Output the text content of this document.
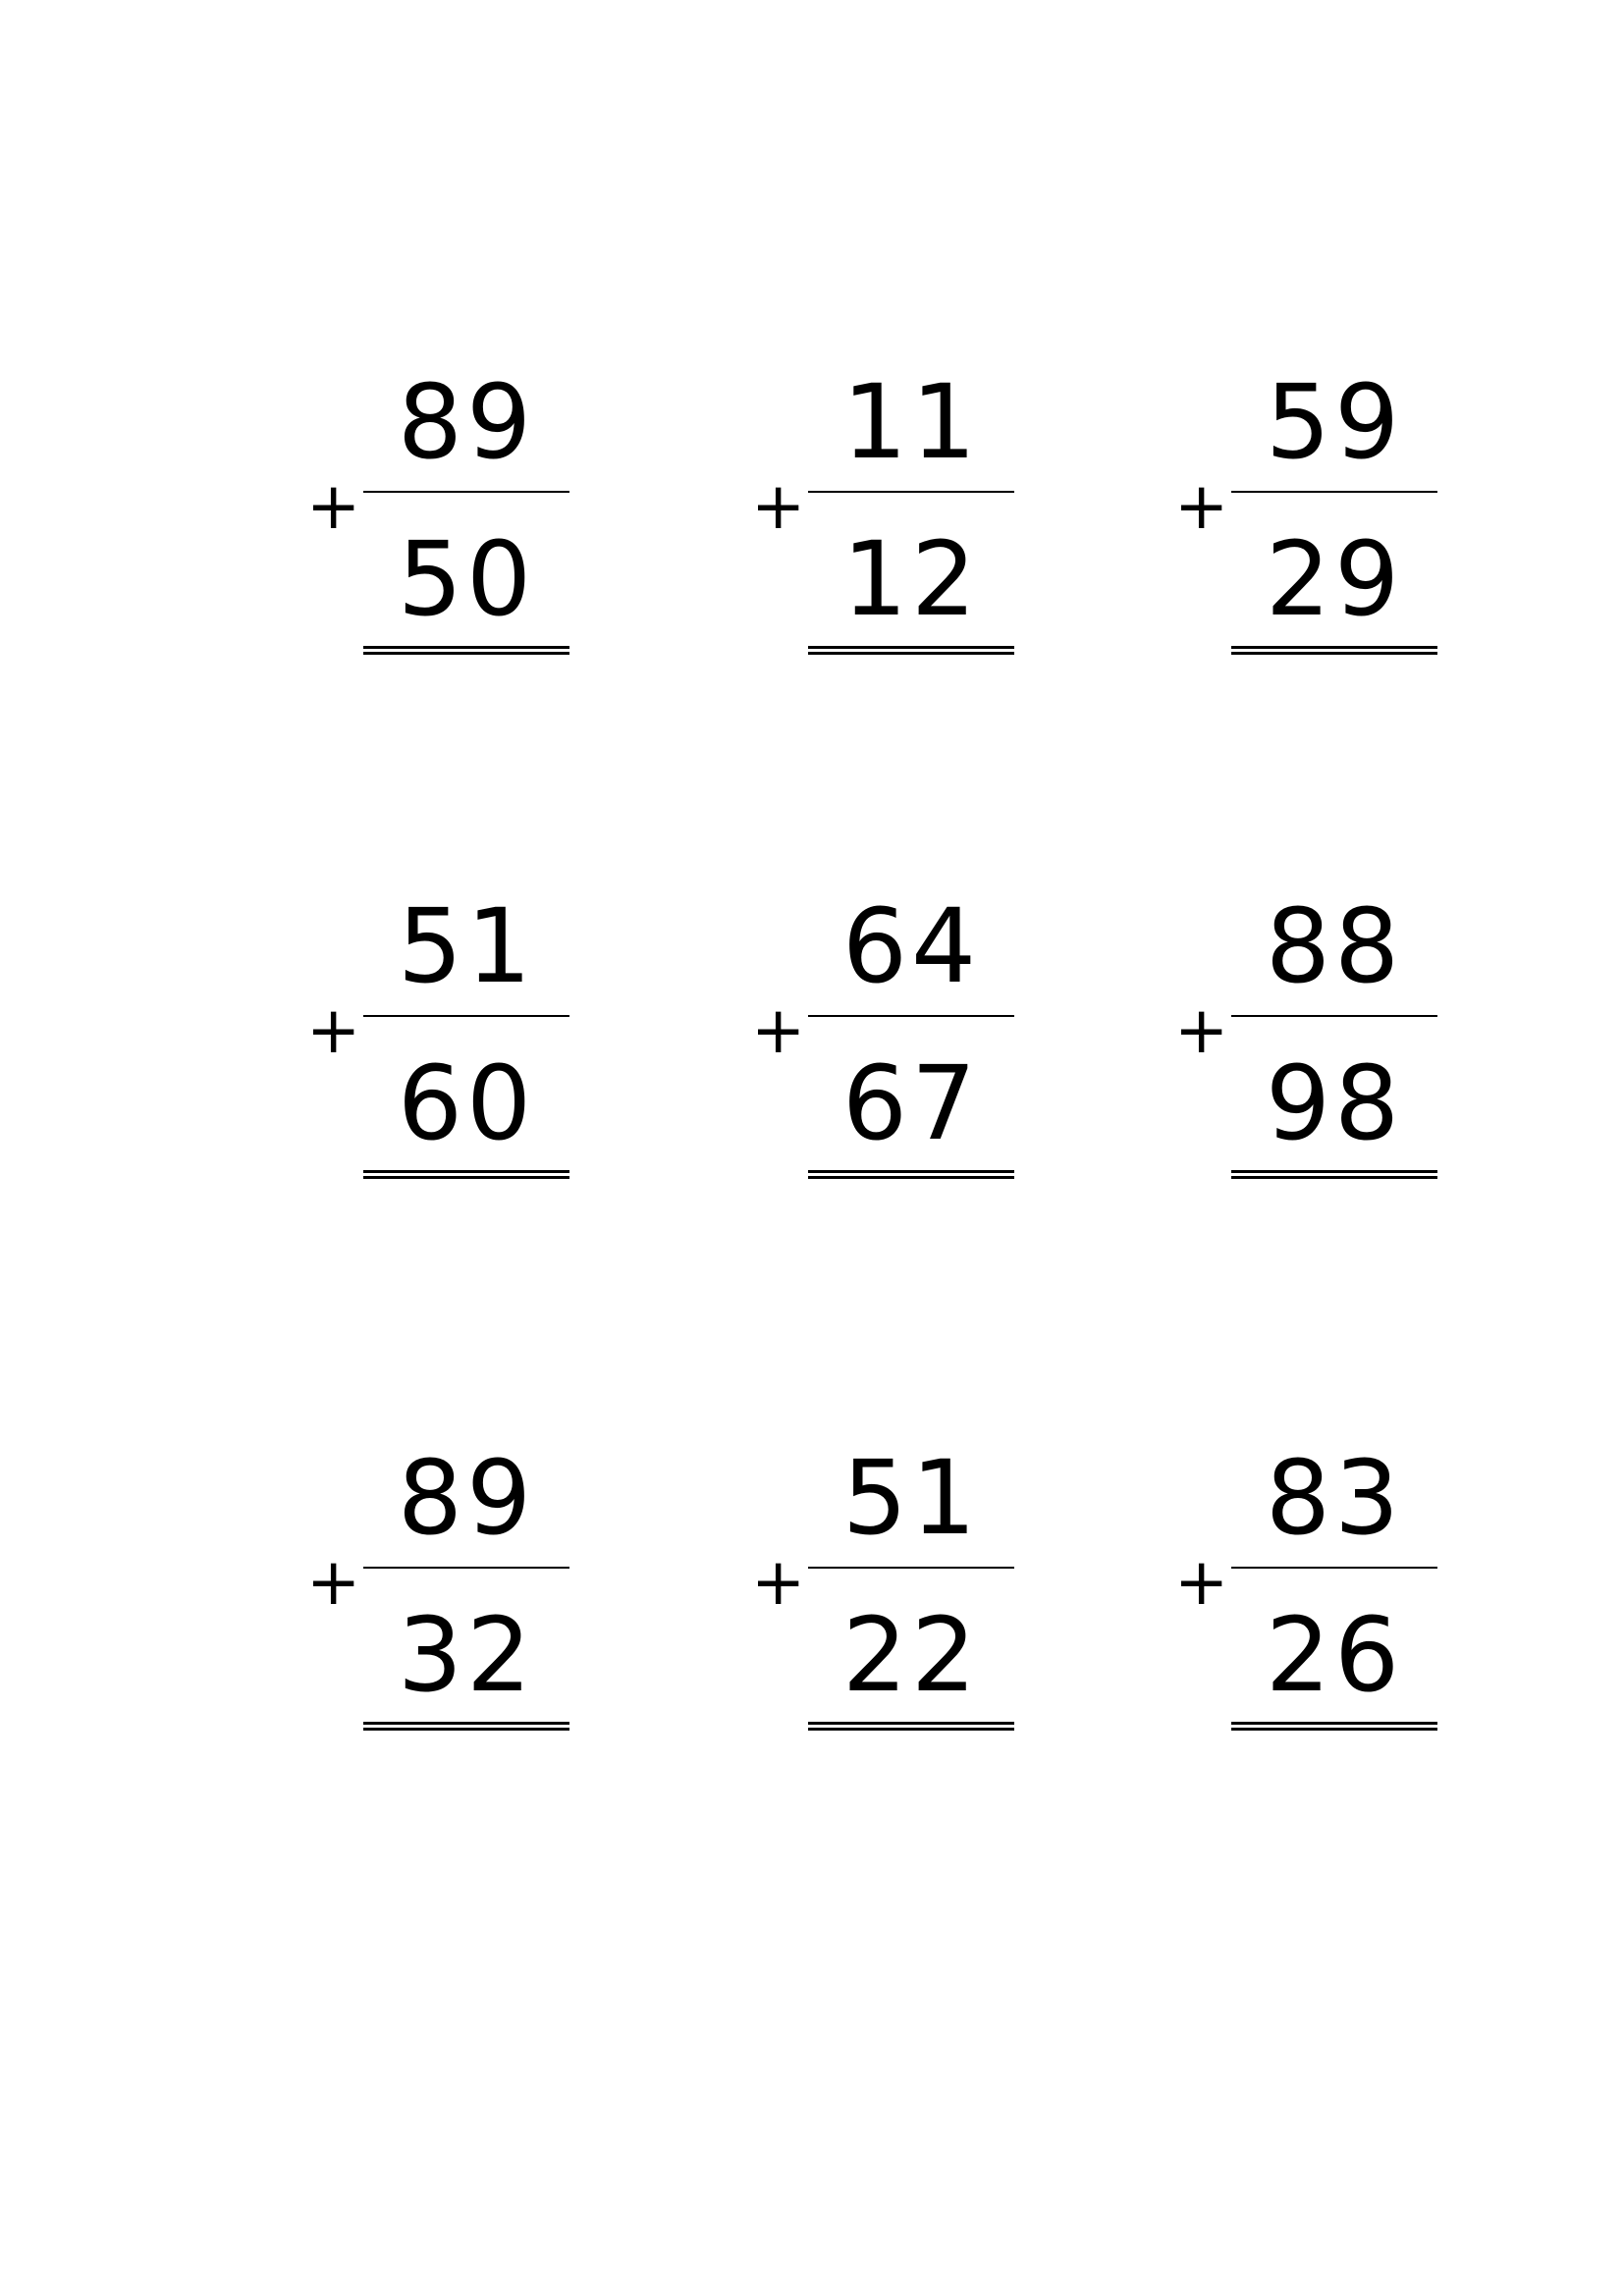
+
89
50
+
11
12
+
59
29
+
51
60
+
64
67
+
88
98
+
89
32
+
51
22
+
83
26
